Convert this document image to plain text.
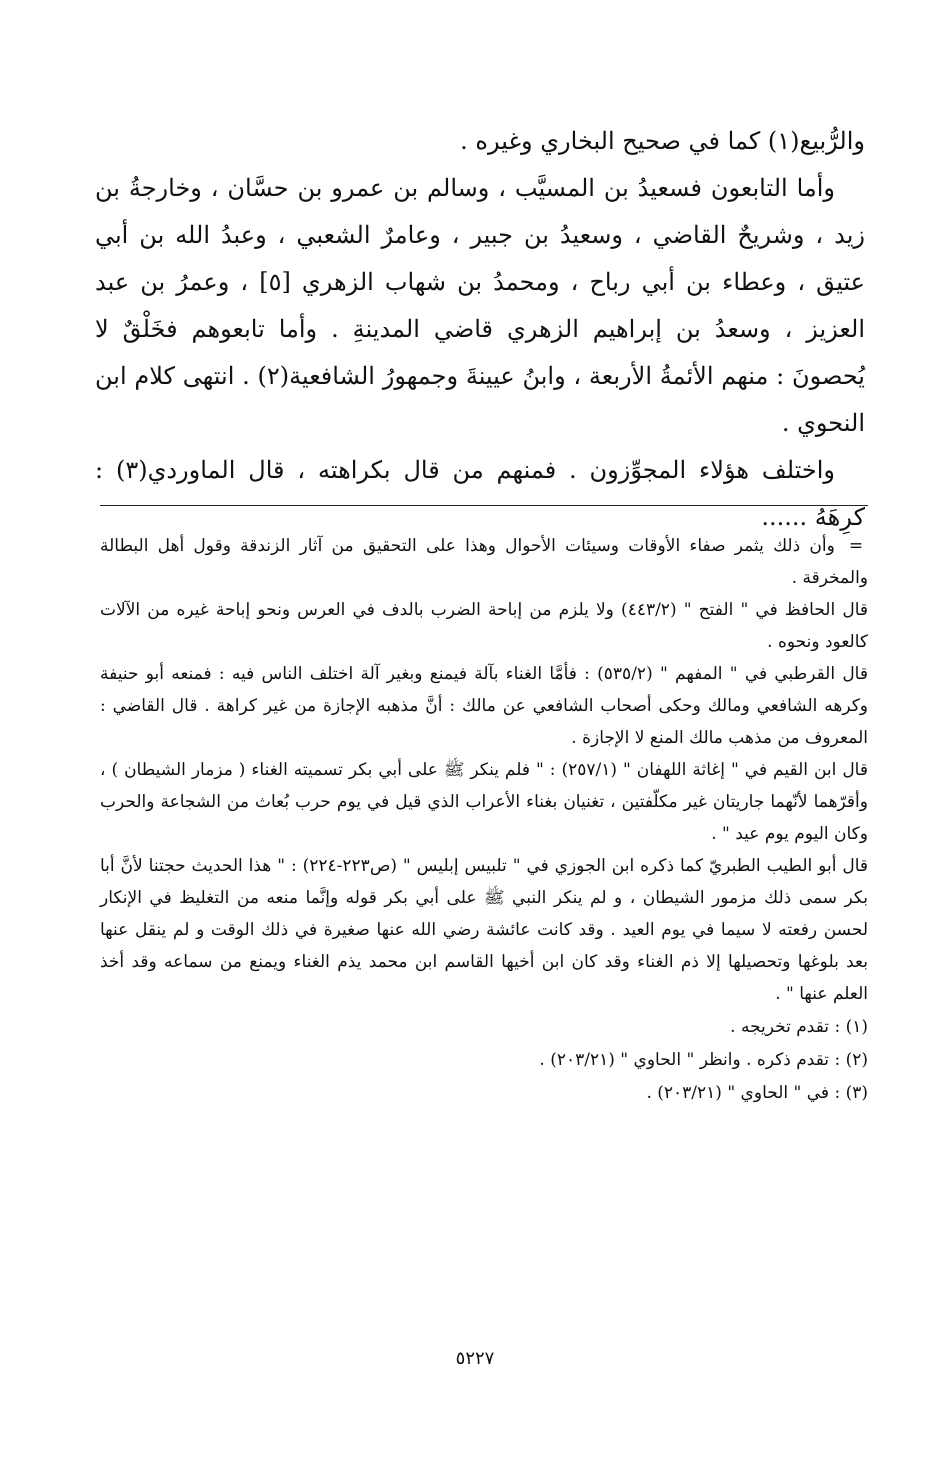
والرُّبيع(١) كما في صحيح البخاري وغيره .

وأما التابعون فسعيدُ بن المسيَّب ، وسالم بن عمرو بن حسَّان ، وخارجةُ بن زيد ، وشريحٌ القاضي ، وسعيدُ بن جبير ، وعامرٌ الشعبي ، وعبدُ الله بن أبي عتيق ، وعطاء بن أبي رباح ، ومحمدُ بن شهاب الزهري [٥] ، وعمرُ بن عبد العزيز ، وسعدُ بن إبراهيم الزهري قاضي المدينةِ . وأما تابعوهم فخَلْقٌ لا يُحصونَ : منهم الأئمةُ الأربعة ، وابنُ عيينةَ وجمهورُ الشافعية(٢) . انتهى كلام ابن النحوي .

واختلف هؤلاء المجوِّزون . فمنهم من قال بكراهته ، قال الماوردي(٣) : كرِهَهُ ......

= وأن ذلك يثمر صفاء الأوقات وسيئات الأحوال وهذا على التحقيق من آثار الزندقة وقول أهل البطالة والمخرقة .

قال الحافظ في " الفتح " (٤٤٣/٢) ولا يلزم من إباحة الضرب بالدف في العرس ونحو إباحة غيره من الآلات كالعود ونحوه .

قال القرطبي في " المفهم " (٥٣٥/٢) : فأمَّا الغناء بآلة فيمنع وبغير آلة اختلف الناس فيه : فمنعه أبو حنيفة وكرهه الشافعي ومالك وحكى أصحاب الشافعي عن مالك : أنَّ مذهبه الإجازة من غير كراهة . قال القاضي : المعروف من مذهب مالك المنع لا الإجازة .

قال ابن القيم في " إغاثة اللهفان " (٢٥٧/١) : " فلم ينكر ﷺ على أبي بكر تسميته الغناء ( مزمار الشيطان ) ، وأقرّهما لأنّهما جاريتان غير مكلّفتين ، تغنيان بغناء الأعراب الذي قيل في يوم حرب بُعاث من الشجاعة والحرب وكان اليوم يوم عيد " .

قال أبو الطيب الطبريّ كما ذكره ابن الجوزي في " تلبيس إبليس " (ص٢٢٣-٢٢٤) : " هذا الحديث حجتنا لأنَّ أبا بكر سمى ذلك مزمور الشيطان ، و لم ينكر النبي ﷺ على أبي بكر قوله وإنَّما منعه من التغليظ في الإنكار لحسن رفعته لا سيما في يوم العيد . وقد كانت عائشة رضي الله عنها صغيرة في ذلك الوقت و لم ينقل عنها بعد بلوغها وتحصيلها إلا ذم الغناء وقد كان ابن أخيها القاسم ابن محمد يذم الغناء ويمنع من سماعه وقد أخذ العلم عنها " .

(١) : تقدم تخريجه .

(٢) : تقدم ذكره . وانظر " الحاوي " (٢٠٣/٢١) .

(٣) : في " الحاوي " (٢٠٣/٢١) .

٥٢٢٧
